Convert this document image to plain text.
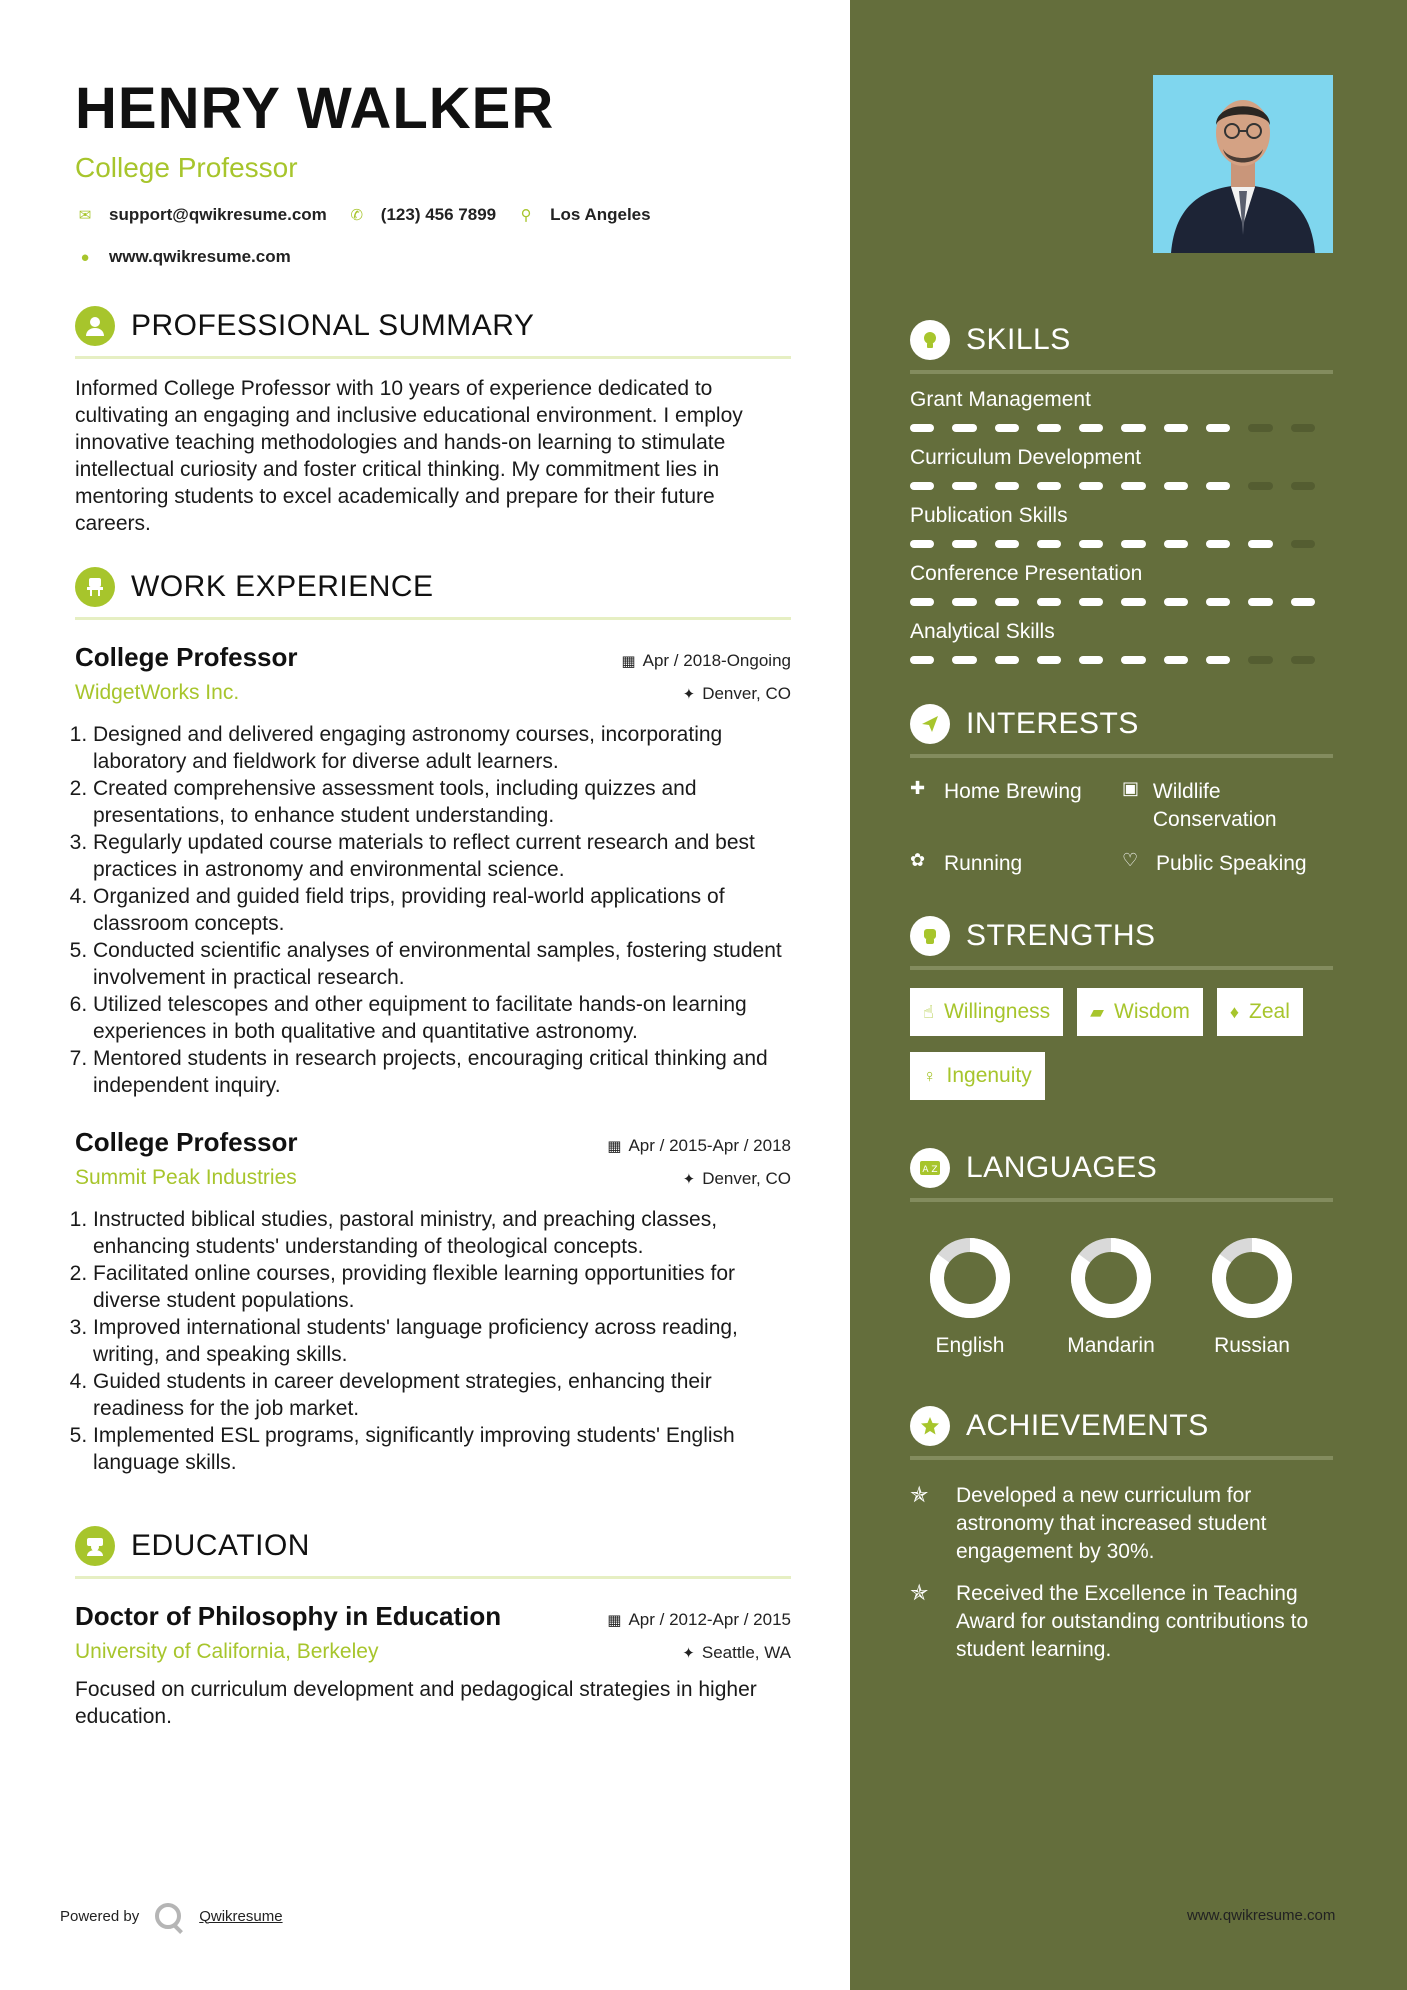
HENRY WALKER
College Professor
✉ support@qwikresume.com ✆ (123) 456 7899	⚲ Los Angeles
●	www.qwikresume.com
PROFESSIONAL SUMMARY
Informed College Professor with 10 years of experience dedicated to cultivating an engaging and inclusive educational environment. I employ innovative teaching methodologies and hands-on learning to stimulate intellectual curiosity and foster critical thinking. My commitment lies in mentoring students to excel academically and prepare for their future careers.
WORK EXPERIENCE
College Professor	▦ Apr / 2018-Ongoing
WidgetWorks Inc.	✦ Denver, CO
1. Designed and delivered engaging astronomy courses, incorporating laboratory and fieldwork for diverse adult learners.
2. Created comprehensive assessment tools, including quizzes and presentations, to enhance student understanding.
3. Regularly updated course materials to reflect current research and best practices in astronomy and environmental science.
4. Organized and guided field trips, providing real-world applications of classroom concepts.
5. Conducted scientific analyses of environmental samples, fostering student involvement in practical research.
6. Utilized telescopes and other equipment to facilitate hands-on learning experiences in both qualitative and quantitative astronomy.
7. Mentored students in research projects, encouraging critical thinking and independent inquiry.
College Professor	▦ Apr / 2015-Apr / 2018
Summit Peak Industries	✦ Denver, CO
1. Instructed biblical studies, pastoral ministry, and preaching classes, enhancing students' understanding of theological concepts.
2. Facilitated online courses, providing flexible learning opportunities for diverse student populations.
3. Improved international students' language proficiency across reading, writing, and speaking skills.
4. Guided students in career development strategies, enhancing their readiness for the job market.
5. Implemented ESL programs, significantly improving students' English language skills.
EDUCATION
Doctor of Philosophy in Education	▦ Apr / 2012-Apr / 2015
University of California, Berkeley	✦ Seattle, WA
Focused on curriculum development and pedagogical strategies in higher education.
SKILLS
Grant Management
Curriculum Development
Publication Skills
Conference Presentation
Analytical Skills
INTERESTS
✚ Home Brewing ▣ Wildlife Conservation
✿ Running	♡ Public Speaking
STRENGTHS
☝ Willingness ▰ Wisdom ♦ Zeal
♀ Ingenuity
A Z LANGUAGES
English	Mandarin	Russian
ACHIEVEMENTS
✯	Developed a new curriculum for astronomy that increased student engagement by 30%.
✯	Received the Excellence in Teaching Award for outstanding contributions to student learning.
Powered by	Qwikresume	www.qwikresume.com
